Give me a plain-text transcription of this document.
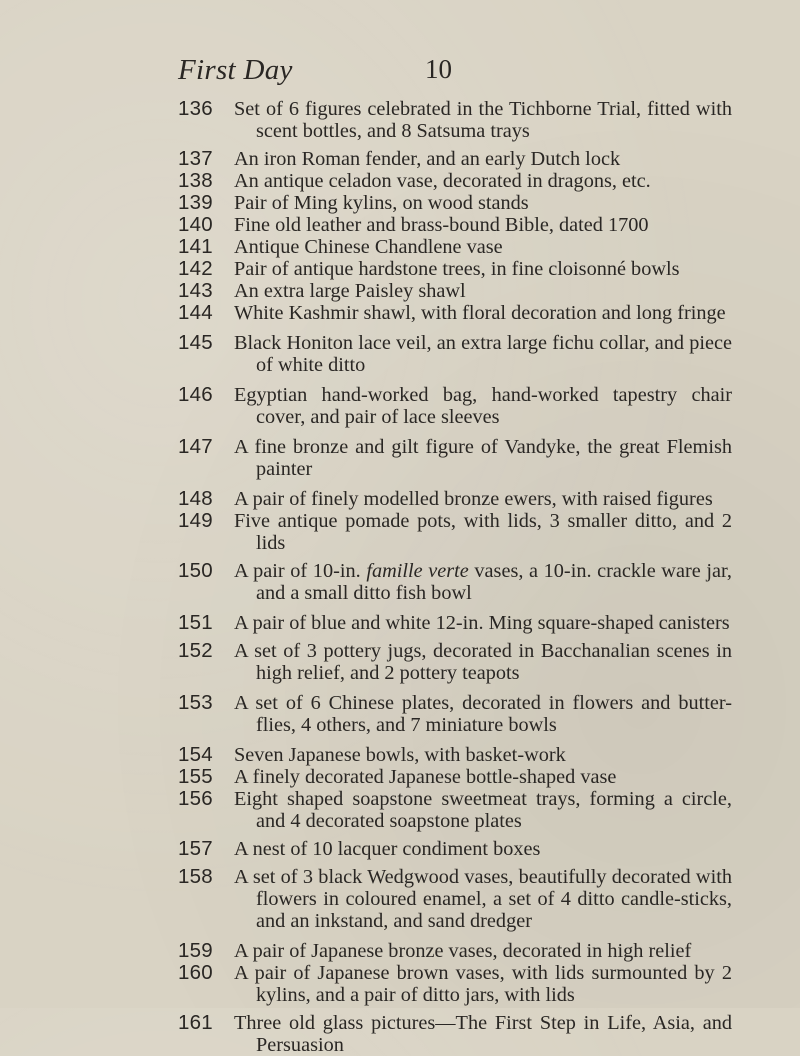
First Day	10
136 Set of 6 figures celebrated in the Tichborne Trial, fitted with scent bottles, and 8 Satsuma trays
137 An iron Roman fender, and an early Dutch lock
138 An antique celadon vase, decorated in dragons, etc.
139 Pair of Ming kylins, on wood stands
140 Fine old leather and brass-bound Bible, dated 1700
141 Antique Chinese Chandlene vase
142 Pair of antique hardstone trees, in fine cloisonné bowls
143 An extra large Paisley shawl
144 White Kashmir shawl, with floral decoration and long fringe
145 Black Honiton lace veil, an extra large fichu collar, and piece of white ditto
146 Egyptian hand-worked bag, hand-worked tapestry chair cover, and pair of lace sleeves
147 A fine bronze and gilt figure of Vandyke, the great Flemish painter
148 A pair of finely modelled bronze ewers, with raised figures
149 Five antique pomade pots, with lids, 3 smaller ditto, and 2 lids
150 A pair of 10-in. famille verte vases, a 10-in. crackle ware jar, and a small ditto fish bowl
151 A pair of blue and white 12-in. Ming square-shaped canisters
152 A set of 3 pottery jugs, decorated in Bacchanalian scenes in high relief, and 2 pottery teapots
153 A set of 6 Chinese plates, decorated in flowers and butter-flies, 4 others, and 7 miniature bowls
154 Seven Japanese bowls, with basket-work
155 A finely decorated Japanese bottle-shaped vase
156 Eight shaped soapstone sweetmeat trays, forming a circle, and 4 decorated soapstone plates
157 A nest of 10 lacquer condiment boxes
158 A set of 3 black Wedgwood vases, beautifully decorated with flowers in coloured enamel, a set of 4 ditto candle-sticks, and an inkstand, and sand dredger
159 A pair of Japanese bronze vases, decorated in high relief
160 A pair of Japanese brown vases, with lids surmounted by 2 kylins, and a pair of ditto jars, with lids
161 Three old glass pictures—The First Step in Life, Asia, and Persuasion
